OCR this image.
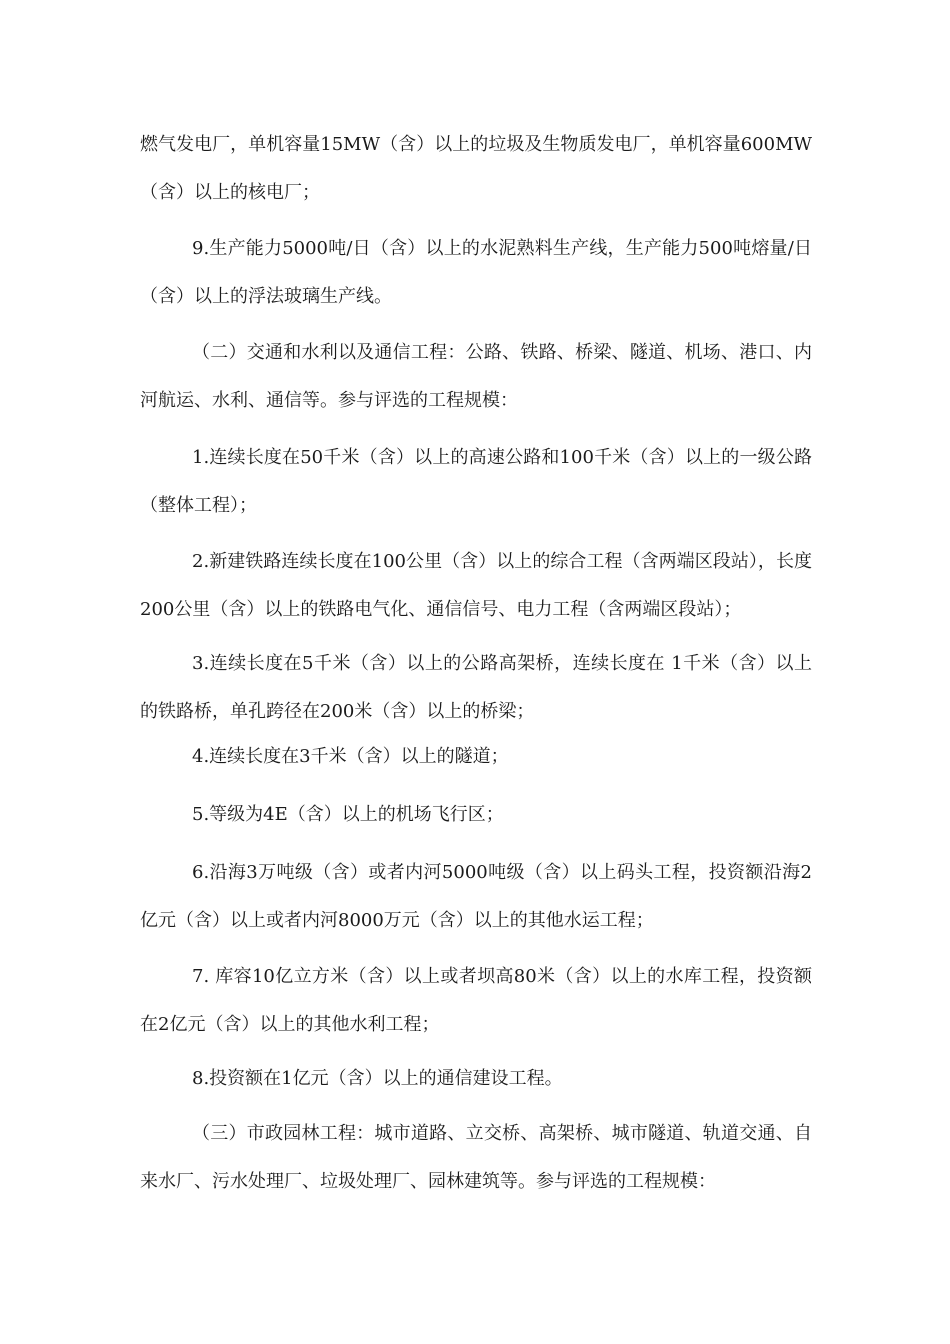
燃气发电厂，单机容量15MW（含）以上的垃圾及生物质发电厂，单机容量600MW（含）以上的核电厂；

9.生产能力5000吨/日（含）以上的水泥熟料生产线，生产能力500吨熔量/日（含）以上的浮法玻璃生产线。

（二）交通和水利以及通信工程：公路、铁路、桥梁、隧道、机场、港口、内河航运、水利、通信等。参与评选的工程规模：

1.连续长度在50千米（含）以上的高速公路和100千米（含）以上的一级公路（整体工程）；

2.新建铁路连续长度在100公里（含）以上的综合工程（含两端区段站），长度200公里（含）以上的铁路电气化、通信信号、电力工程（含两端区段站）；

3.连续长度在5千米（含）以上的公路高架桥，连续长度在 1千米（含）以上的铁路桥，单孔跨径在200米（含）以上的桥梁；

4.连续长度在3千米（含）以上的隧道；

5.等级为4E（含）以上的机场飞行区；

6.沿海3万吨级（含）或者内河5000吨级（含）以上码头工程，投资额沿海2亿元（含）以上或者内河8000万元（含）以上的其他水运工程；

7. 库容10亿立方米（含）以上或者坝高80米（含）以上的水库工程，投资额在2亿元（含）以上的其他水利工程；

8.投资额在1亿元（含）以上的通信建设工程。

（三）市政园林工程：城市道路、立交桥、高架桥、城市隧道、轨道交通、自来水厂、污水处理厂、垃圾处理厂、园林建筑等。参与评选的工程规模：
